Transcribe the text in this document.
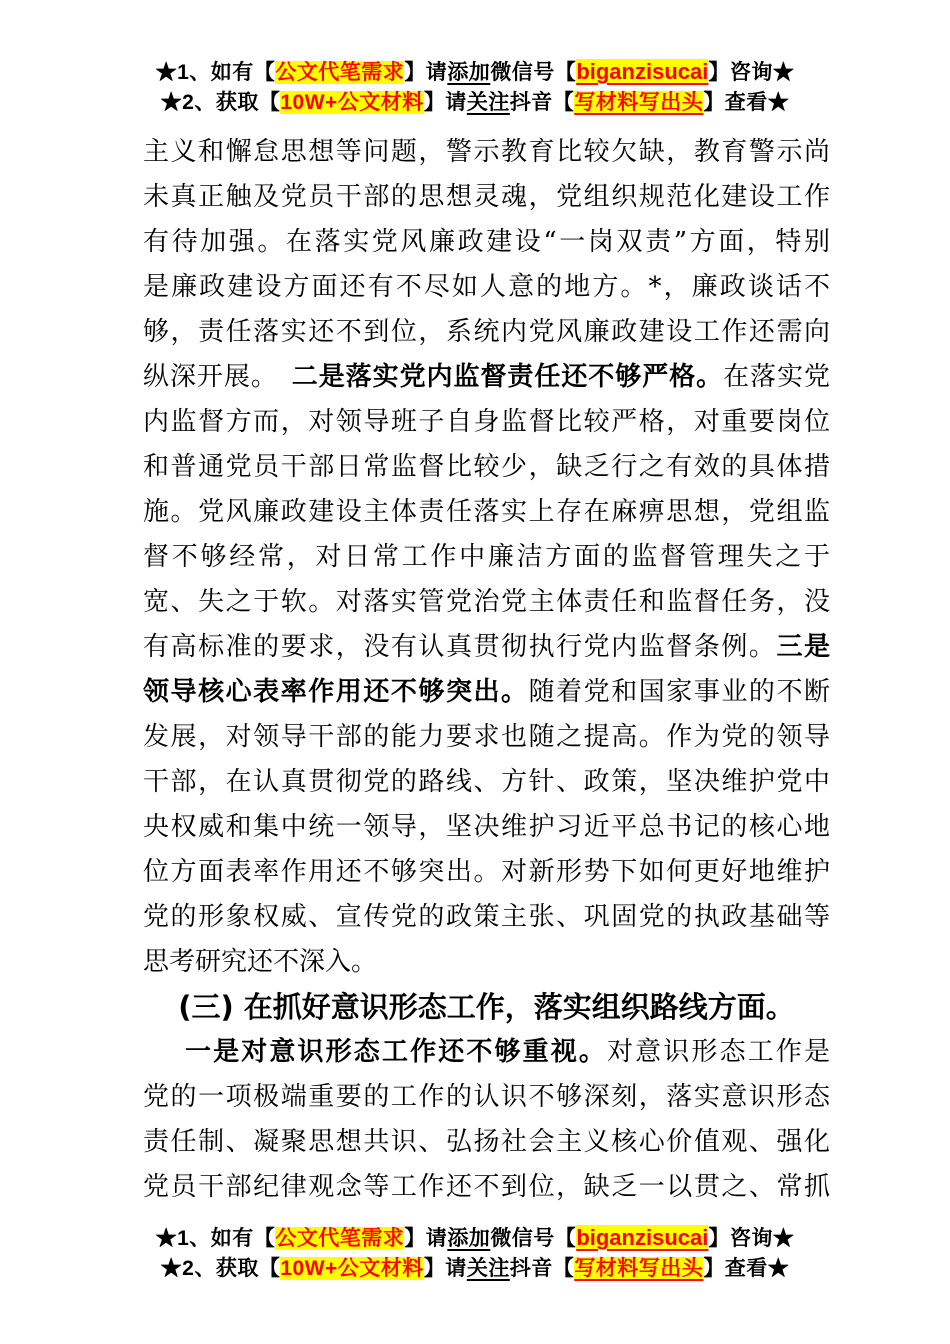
★1、如有【公文代笔需求】请添加微信号【biganzisucai】咨询★
★2、获取【10W+公文材料】请关注抖音【写材料写出头】查看★
主义和懈怠思想等问题，警示教育比较欠缺，教育警示尚
未真正触及党员干部的思想灵魂，党组织规范化建设工作
有待加强。在落实党风廉政建设“一岗双责”方面，特别
是廉政建设方面还有不尽如人意的地方。*，廉政谈话不
够，责任落实还不到位，系统内党风廉政建设工作还需向
纵深开展。　二是落实党内监督责任还不够严格。在落实党
内监督方而，对领导班子自身监督比较严格，对重要岗位
和普通党员干部日常监督比较少，缺乏行之有效的具体措
施。党风廉政建设主体责任落实上存在麻痹思想，党组监
督不够经常，对日常工作中廉洁方面的监督管理失之于
宽、失之于软。对落实管党治党主体责任和监督任务，没
有高标准的要求，没有认真贯彻执行党内监督条例。三是
领导核心表率作用还不够突出。随着党和国家事业的不断
发展，对领导干部的能力要求也随之提高。作为党的领导
干部，在认真贯彻党的路线、方针、政策，坚决维护党中
央权威和集中统一领导，坚决维护习近平总书记的核心地
位方面表率作用还不够突出。对新形势下如何更好地维护
党的形象权威、宣传党的政策主张、巩固党的执政基础等
思考研究还不深入。
(三) 在抓好意识形态工作，落实组织路线方面。
一是对意识形态工作还不够重视。对意识形态工作是
党的一项极端重要的工作的认识不够深刻，落实意识形态
责任制、凝聚思想共识、弘扬社会主义核心价值观、强化
党员干部纪律观念等工作还不到位，缺乏一以贯之、常抓
★1、如有【公文代笔需求】请添加微信号【biganzisucai】咨询★
★2、获取【10W+公文材料】请关注抖音【写材料写出头】查看★
